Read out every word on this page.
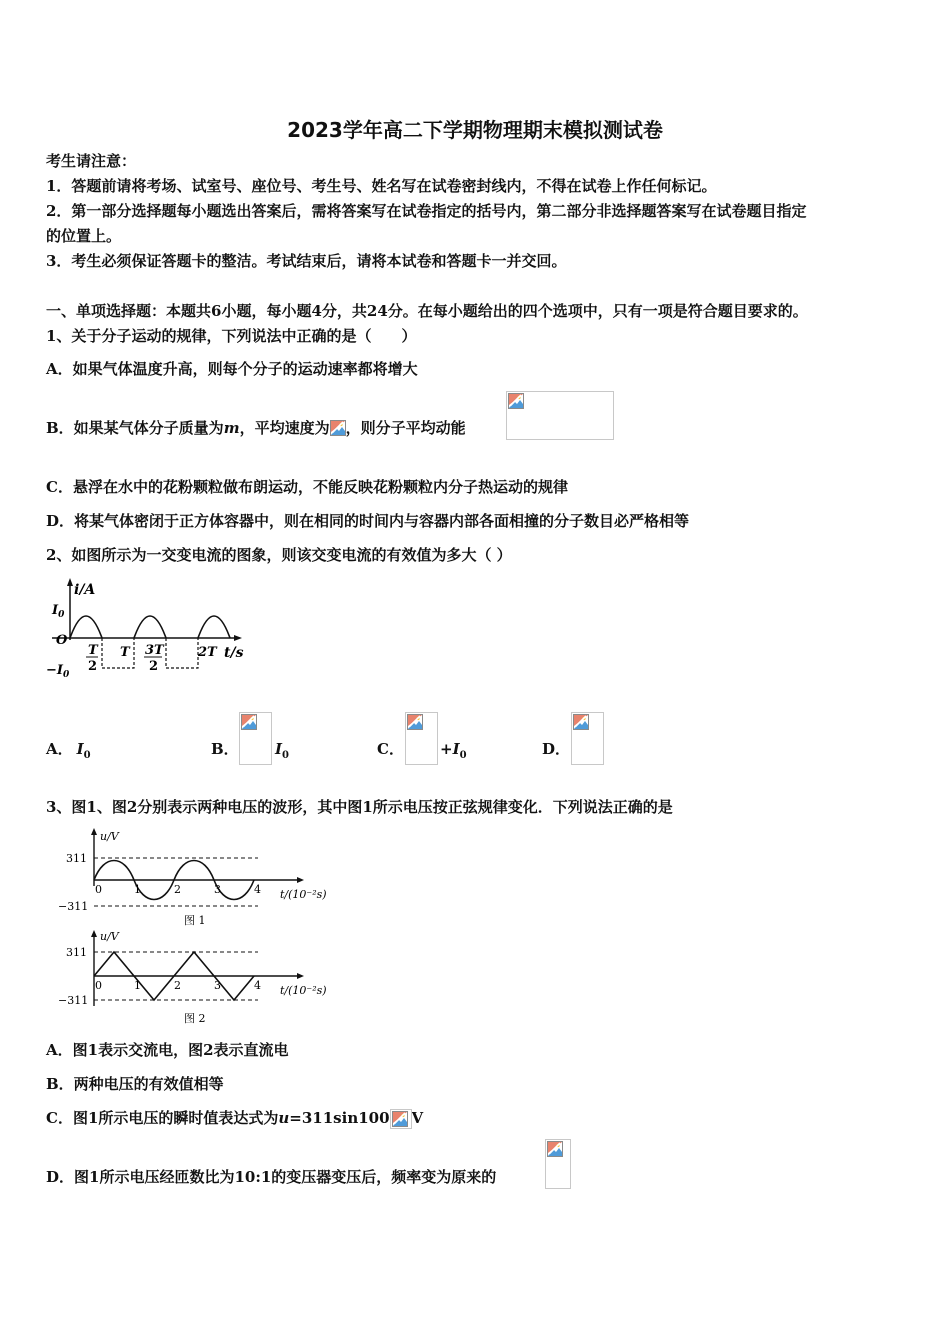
2023学年高二下学期物理期末模拟测试卷
考生请注意：
1．答题前请将考场、试室号、座位号、考生号、姓名写在试卷密封线内，不得在试卷上作任何标记。
2．第一部分选择题每小题选出答案后，需将答案写在试卷指定的括号内，第二部分非选择题答案写在试卷题目指定
的位置上。
3．考生必须保证答题卡的整洁。考试结束后，请将本试卷和答题卡一并交回。
一、单项选择题：本题共6小题，每小题4分，共24分。在每小题给出的四个选项中，只有一项是符合题目要求的。
1、关于分子运动的规律，下列说法中正确的是（　　）
A．如果气体温度升高，则每个分子的运动速率都将增大
B．如果某气体分子质量为m，平均速度为 ，则分子平均动能
C．悬浮在水中的花粉颗粒做布朗运动，不能反映花粉颗粒内分子热运动的规律
D．将某气体密闭于正方体容器中，则在相同的时间内与容器内部各面相撞的分子数目必严格相等
2、如图所示为一交变电流的图象，则该交变电流的有效值为多大（ ）
i/A
t/s
O
$I_0$
$-I_0$
T
2
T 3T
2
2T
A． $I_0$	B． $I_0$	C． $+I_0$	D．
3、图1、图2分别表示两种电压的波形，其中图1所示电压按正弦规律变化．下列说法正确的是
u/V
311
−311
0	1	2	3	4 t/(10⁻²s)
图 1
u/V
311
−311
0	1	2	3	4 t/(10⁻²s)
图 2
A．图1表示交流电，图2表示直流电
B．两种电压的有效值相等
C．图1所示电压的瞬时值表达式为u=311sin100 V
D．图1所示电压经匝数比为10:1的变压器变压后，频率变为原来的
